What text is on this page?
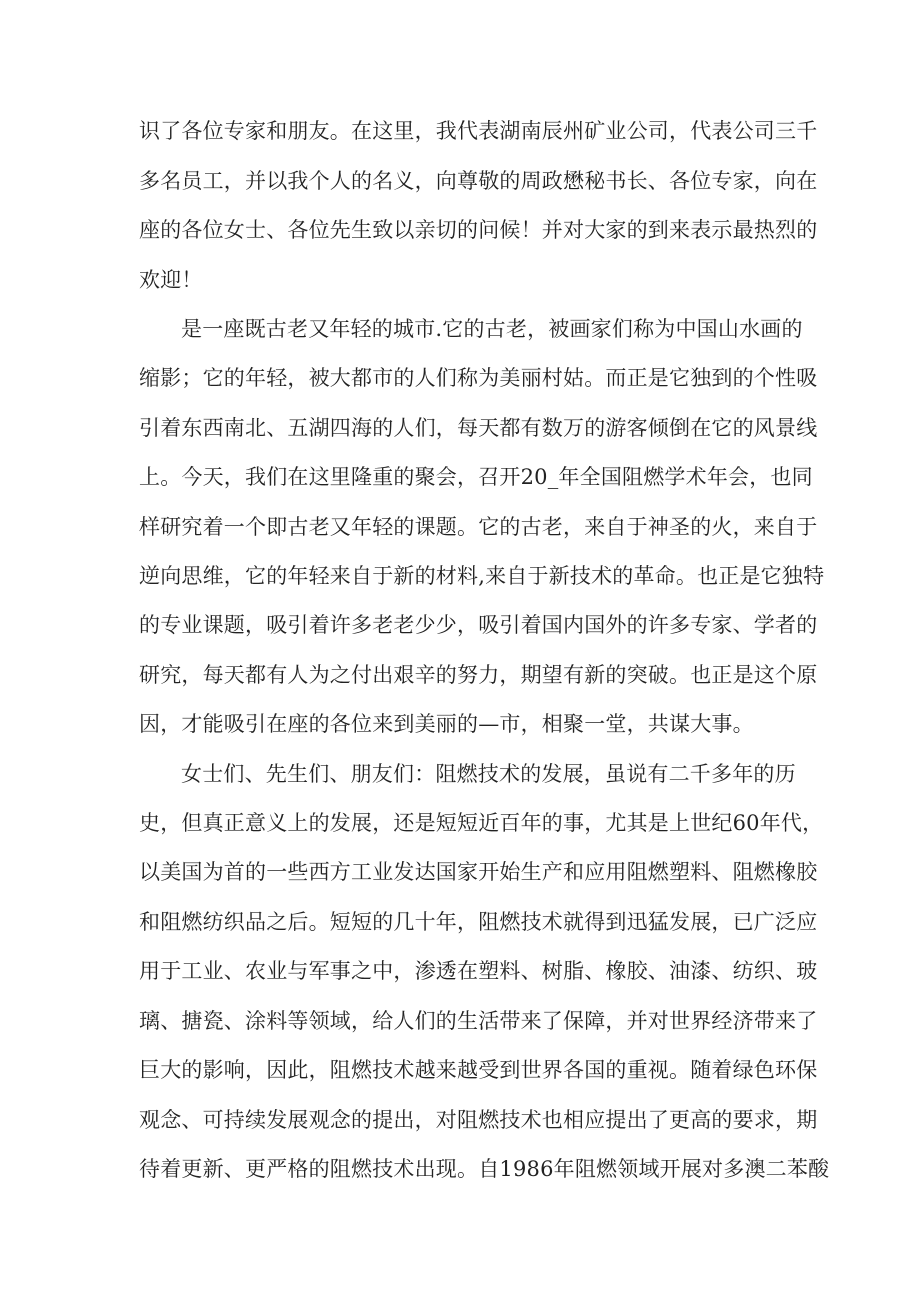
识了各位专家和朋友。在这里，我代表湖南辰州矿业公司，代表公司三千
多名员工，并以我个人的名义，向尊敬的周政懋秘书长、各位专家，向在
座的各位女士、各位先生致以亲切的问候！并对大家的到来表示最热烈的
欢迎！
是一座既古老又年轻的城市.它的古老，被画家们称为中国山水画的
缩影；它的年轻，被大都市的人们称为美丽村姑。而正是它独到的个性吸
引着东西南北、五湖四海的人们，每天都有数万的游客倾倒在它的风景线
上。今天，我们在这里隆重的聚会，召开20_年全国阻燃学术年会，也同
样研究着一个即古老又年轻的课题。它的古老，来自于神圣的火，来自于
逆向思维，它的年轻来自于新的材料,来自于新技术的革命。也正是它独特
的专业课题，吸引着许多老老少少，吸引着国内国外的许多专家、学者的
研究，每天都有人为之付出艰辛的努力，期望有新的突破。也正是这个原
因，才能吸引在座的各位来到美丽的—市，相聚一堂，共谋大事。
女士们、先生们、朋友们：阻燃技术的发展，虽说有二千多年的历
史，但真正意义上的发展，还是短短近百年的事，尤其是上世纪60年代，
以美国为首的一些西方工业发达国家开始生产和应用阻燃塑料、阻燃橡胶
和阻燃纺织品之后。短短的几十年，阻燃技术就得到迅猛发展，已广泛应
用于工业、农业与军事之中，渗透在塑料、树脂、橡胶、油漆、纺织、玻
璃、搪瓷、涂料等领域，给人们的生活带来了保障，并对世界经济带来了
巨大的影响，因此，阻燃技术越来越受到世界各国的重视。随着绿色环保
观念、可持续发展观念的提出，对阻燃技术也相应提出了更高的要求，期
待着更新、更严格的阻燃技术出现。自1986年阻燃领域开展对多澳二苯酸
